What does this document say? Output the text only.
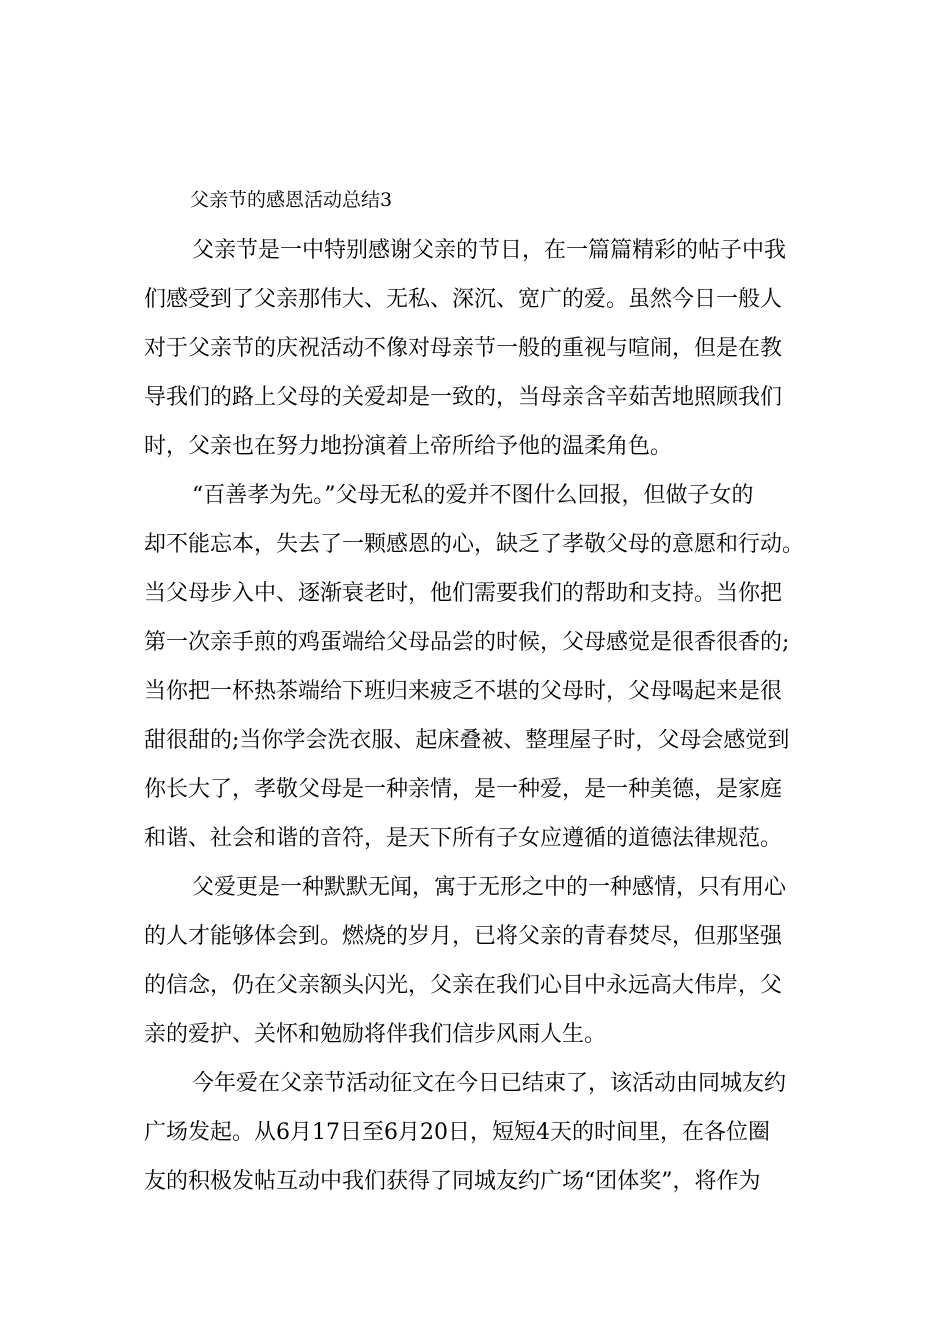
父亲节的感恩活动总结3
父亲节是一中特别感谢父亲的节日，在一篇篇精彩的帖子中我
们感受到了父亲那伟大、无私、深沉、宽广的爱。虽然今日一般人
对于父亲节的庆祝活动不像对母亲节一般的重视与喧闹，但是在教
导我们的路上父母的关爱却是一致的，当母亲含辛茹苦地照顾我们
时，父亲也在努力地扮演着上帝所给予他的温柔角色。
“百善孝为先。”父母无私的爱并不图什么回报，但做子女的
却不能忘本，失去了一颗感恩的心，缺乏了孝敬父母的意愿和行动。
当父母步入中、逐渐衰老时，他们需要我们的帮助和支持。当你把
第一次亲手煎的鸡蛋端给父母品尝的时候，父母感觉是很香很香的;
当你把一杯热茶端给下班归来疲乏不堪的父母时，父母喝起来是很
甜很甜的;当你学会洗衣服、起床叠被、整理屋子时，父母会感觉到
你长大了，孝敬父母是一种亲情，是一种爱，是一种美德，是家庭
和谐、社会和谐的音符，是天下所有子女应遵循的道德法律规范。
父爱更是一种默默无闻，寓于无形之中的一种感情，只有用心
的人才能够体会到。燃烧的岁月，已将父亲的青春焚尽，但那坚强
的信念，仍在父亲额头闪光，父亲在我们心目中永远高大伟岸，父
亲的爱护、关怀和勉励将伴我们信步风雨人生。
今年爱在父亲节活动征文在今日已结束了，该活动由同城友约
广场发起。从6月17日至6月20日，短短4天的时间里，在各位圈
友的积极发帖互动中我们获得了同城友约广场“团体奖”，将作为
